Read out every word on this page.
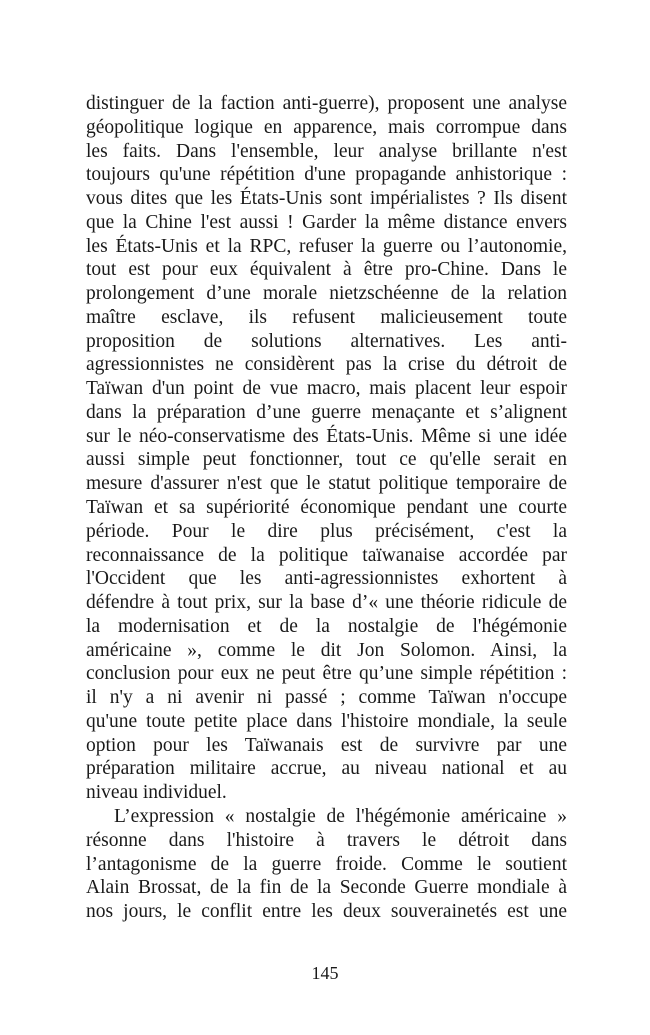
distinguer de la faction anti-guerre), proposent une analyse
géopolitique logique en apparence, mais corrompue dans
les faits. Dans l'ensemble, leur analyse brillante n'est
toujours qu'une répétition d'une propagande anhistorique :
vous dites que les États-Unis sont impérialistes ? Ils disent
que la Chine l'est aussi ! Garder la même distance envers
les États-Unis et la RPC, refuser la guerre ou l’autonomie,
tout est pour eux équivalent à être pro-Chine. Dans le
prolongement d’une morale nietzschéenne de la relation
maître esclave, ils refusent malicieusement toute
proposition de solutions alternatives. Les anti-
agressionnistes ne considèrent pas la crise du détroit de
Taïwan d'un point de vue macro, mais placent leur espoir
dans la préparation d’une guerre menaçante et s’alignent
sur le néo-conservatisme des États-Unis. Même si une idée
aussi simple peut fonctionner, tout ce qu'elle serait en
mesure d'assurer n'est que le statut politique temporaire de
Taïwan et sa supériorité économique pendant une courte
période. Pour le dire plus précisément, c'est la
reconnaissance de la politique taïwanaise accordée par
l'Occident que les anti-agressionnistes exhortent à
défendre à tout prix, sur la base d’« une théorie ridicule de
la modernisation et de la nostalgie de l'hégémonie
américaine », comme le dit Jon Solomon. Ainsi, la
conclusion pour eux ne peut être qu’une simple répétition :
il n'y a ni avenir ni passé ; comme Taïwan n'occupe
qu'une toute petite place dans l'histoire mondiale, la seule
option pour les Taïwanais est de survivre par une
préparation militaire accrue, au niveau national et au
niveau individuel.
L’expression « nostalgie de l'hégémonie américaine »
résonne dans l'histoire à travers le détroit dans
l’antagonisme de la guerre froide. Comme le soutient
Alain Brossat, de la fin de la Seconde Guerre mondiale à
nos jours, le conflit entre les deux souverainetés est une
145
